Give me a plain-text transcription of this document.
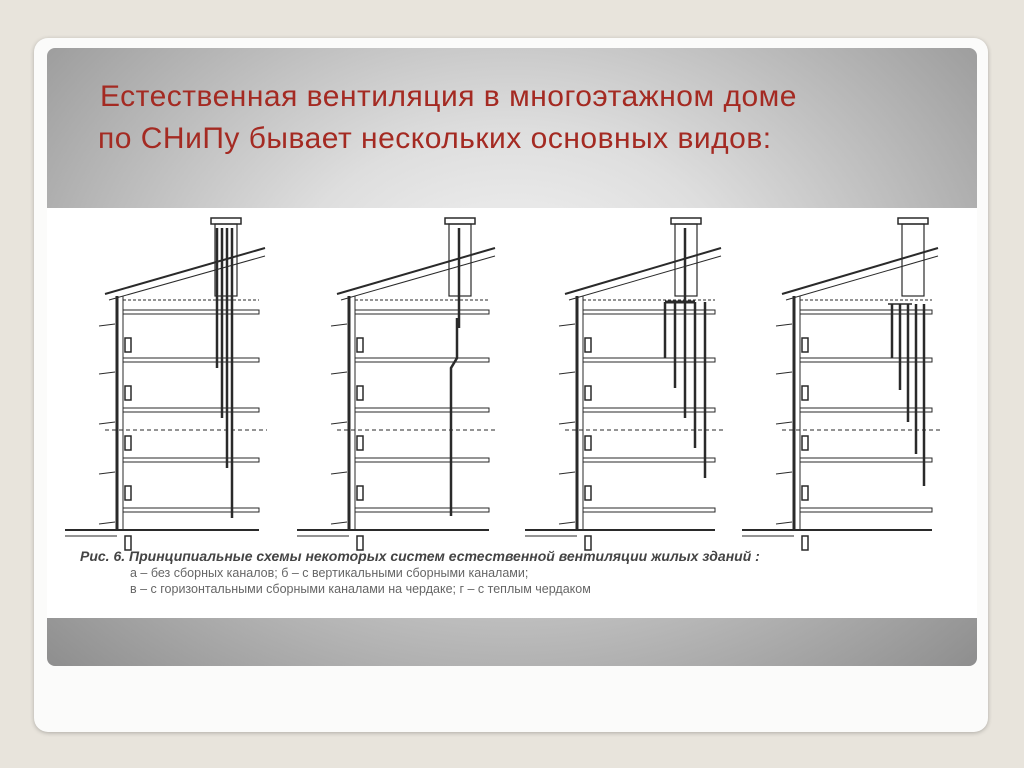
Естественная вентиляция в многоэтажном доме
по СНиПу бывает нескольких основных видов:

Рис. 6. Принципиальные схемы некоторых систем естественной вентиляции жилых зданий :

а – без сборных каналов; б – с вертикальными сборными каналами;

в – с горизонтальными сборными каналами на чердаке; г – с теплым чердаком
